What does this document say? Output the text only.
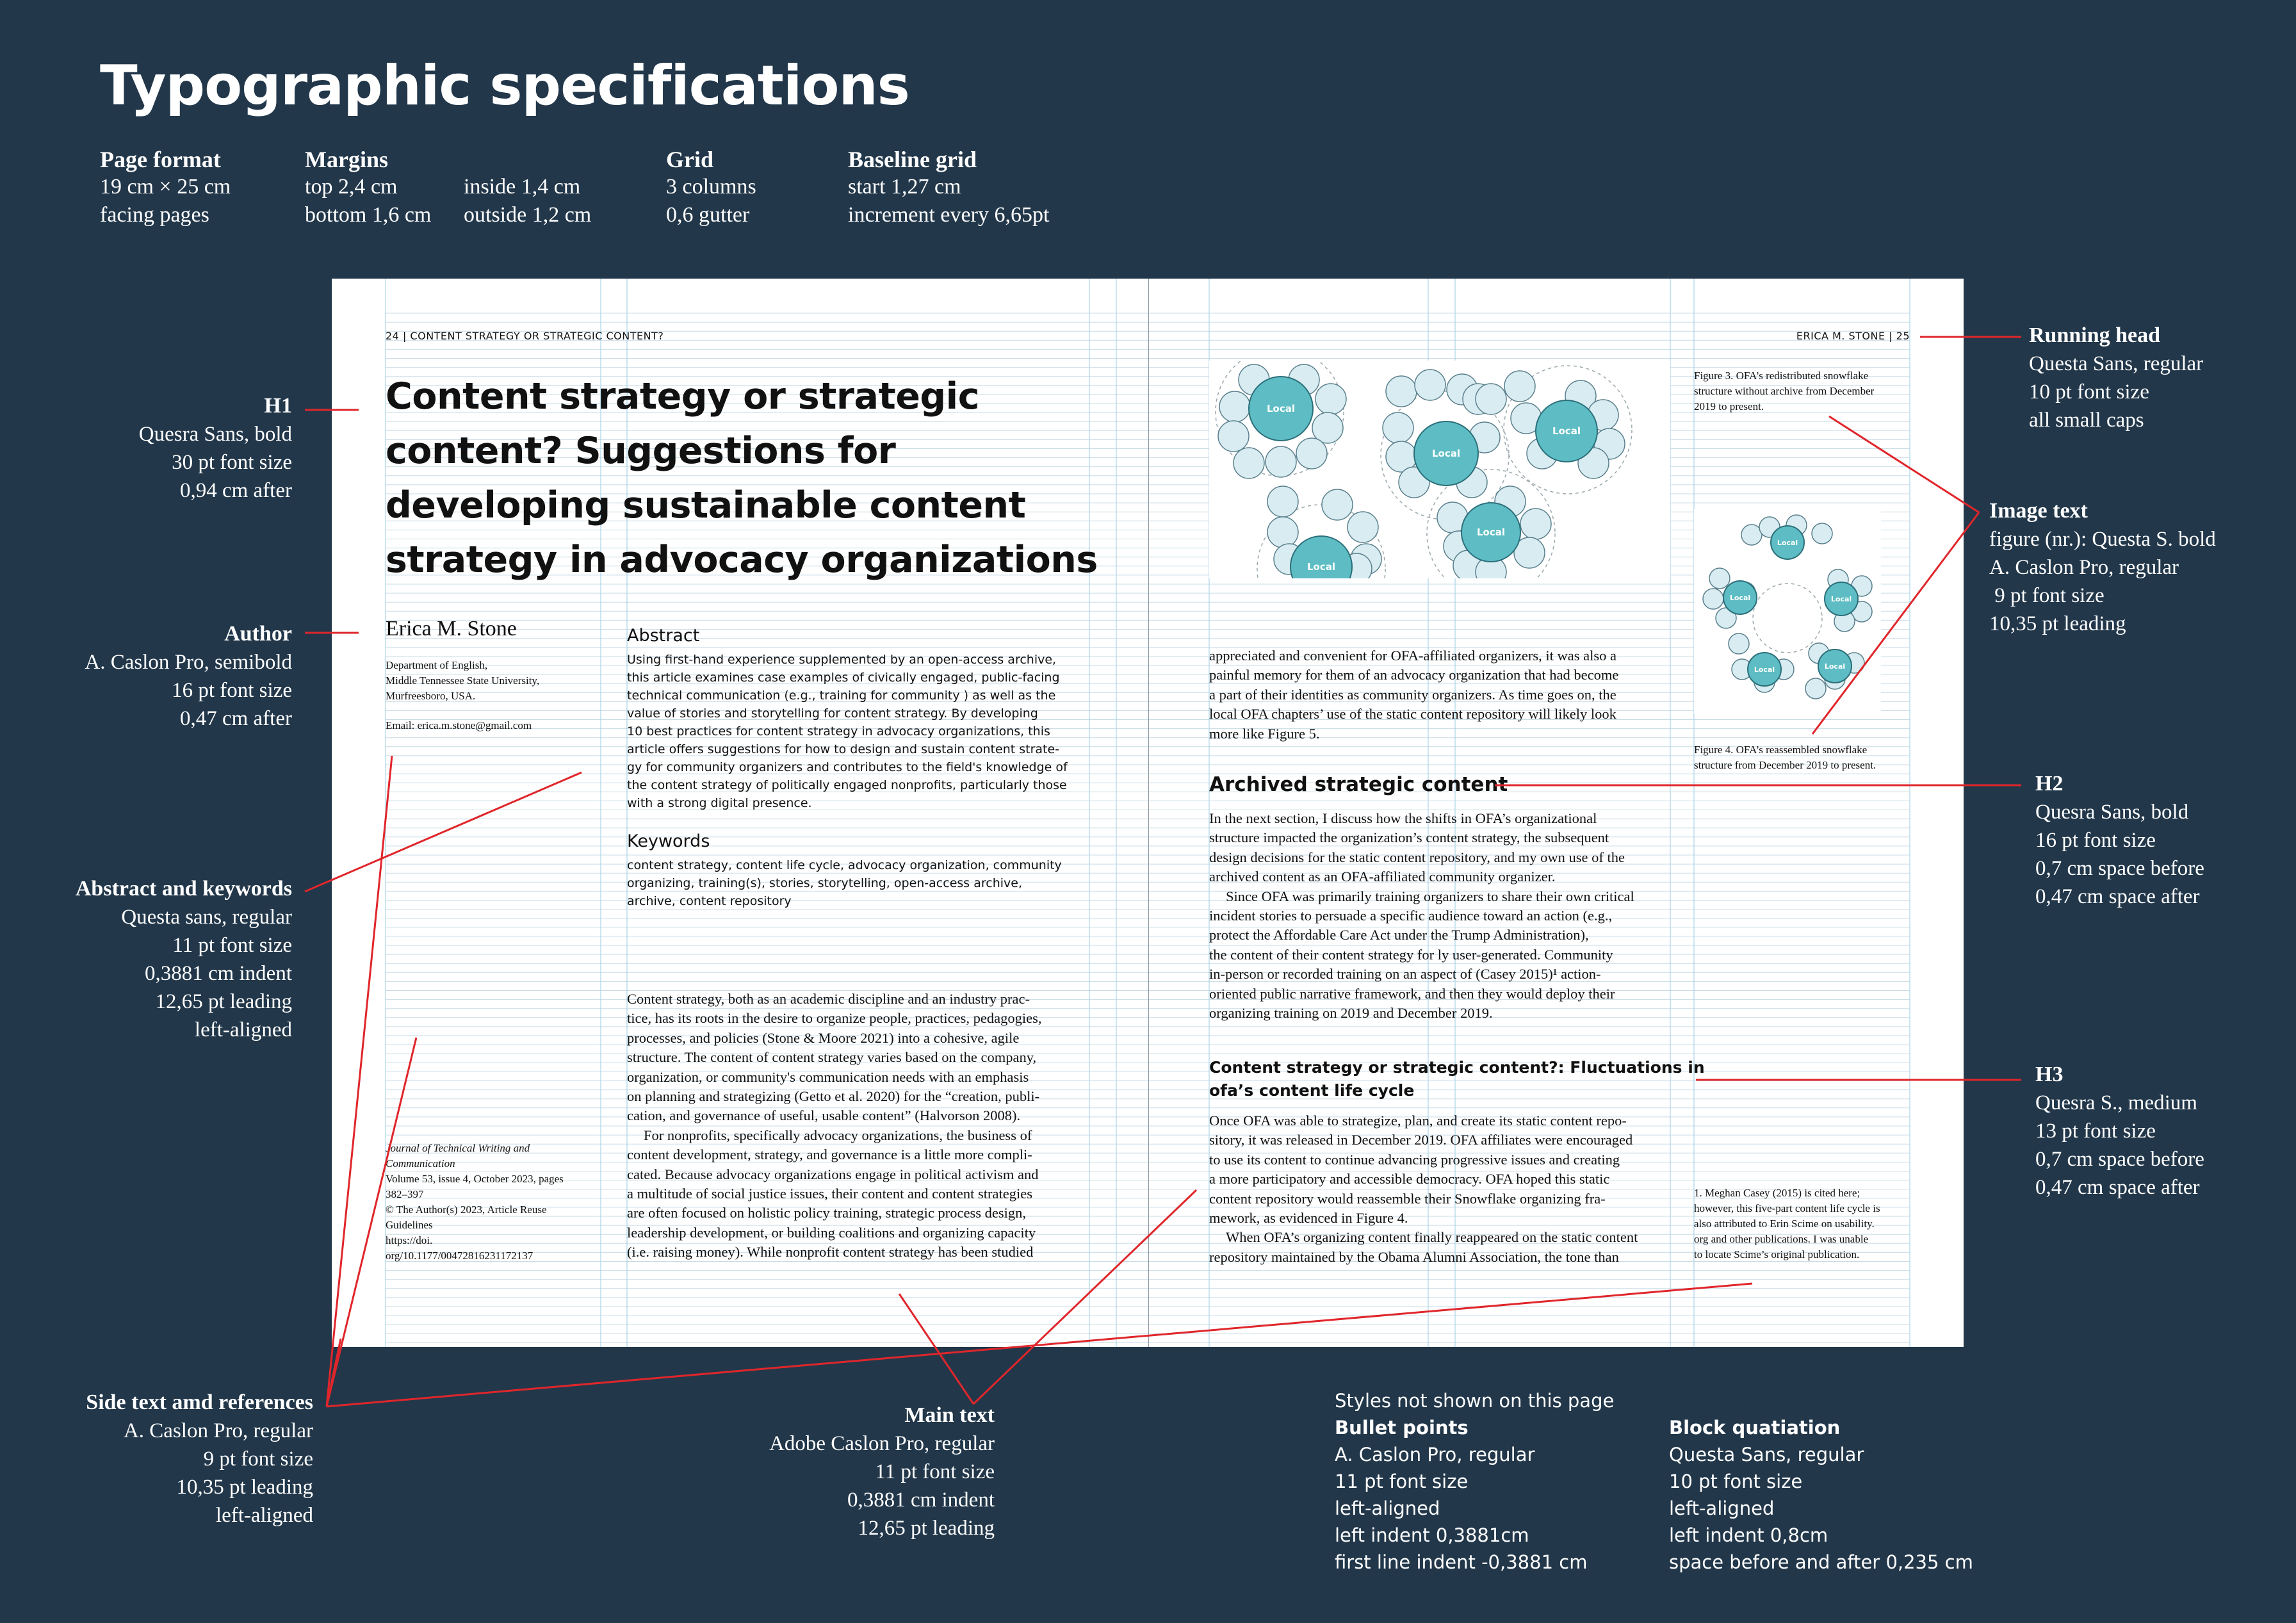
Typographic specifications
Page format
19 cm × 25 cm
facing pages
Margins
top 2,4 cm	inside 1,4 cm
bottom 1,6 cm outside 1,2 cm
Grid
3 columns
0,6 gutter
Baseline grid
start 1,27 cm
increment every 6,65pt
H1
Quesra Sans, bold
30 pt font size
0,94 cm after
Author
A. Caslon Pro, semibold
16 pt font size
0,47 cm after
Abstract and keywords
Questa sans, regular
11 pt font size
0,3881 cm indent
12,65 pt leading
left-aligned
Side text amd references
A. Caslon Pro, regular
9 pt font size
10,35 pt leading
left-aligned
Main text
Adobe Caslon Pro, regular
11 pt font size
0,3881 cm indent
12,65 pt leading
Running head
Questa Sans, regular
10 pt font size
all small caps
Image text
figure (nr.): Questa S. bold
A. Caslon Pro, regular
9 pt font size
10,35 pt leading
H2
Quesra Sans, bold
16 pt font size
0,7 cm space before
0,47 cm space after
H3
Quesra S., medium
13 pt font size
0,7 cm space before
0,47 cm space after
Styles not shown on this page
Bullet points
A. Caslon Pro, regular
11 pt font size
left-aligned
left indent 0,3881cm
first line indent -0,3881 cm
Block quatiation
Questa Sans, regular
10 pt font size
left-aligned
left indent 0,8cm
space before and after 0,235 cm
24 | CONTENT STRATEGY OR STRATEGIC CONTENT?
Content strategy or strategic
content? Suggestions for
developing sustainable content
strategy in advocacy organizations
Erica M. Stone
Department of English,
Middle Tennessee State University,
Murfreesboro, USA.
Email: erica.m.stone@gmail.com
Abstract
Using first-hand experience supplemented by an open-access archive,
this article examines case examples of civically engaged, public-facing
technical communication (e.g., training for community ) as well as the
value of stories and storytelling for content strategy. By developing
10 best practices for content strategy in advocacy organizations, this
article offers suggestions for how to design and sustain content strate-
gy for community organizers and contributes to the field's knowledge of
the content strategy of politically engaged nonprofits, particularly those
with a strong digital presence.
Keywords
content strategy, content life cycle, advocacy organization, community
organizing, training(s), stories, storytelling, open-access archive,
archive, content repository
Journal of Technical Writing and
Communication
Volume 53, issue 4, October 2023, pages
382–397
© The Author(s) 2023, Article Reuse
Guidelines
https://doi.
org/10.1177/00472816231172137
Content strategy, both as an academic discipline and an industry prac-
tice, has its roots in the desire to organize people, practices, pedagogies,
processes, and policies (Stone & Moore 2021) into a cohesive, agile
structure. The content of content strategy varies based on the company,
organization, or community's communication needs with an emphasis
on planning and strategizing (Getto et al. 2020) for the “creation, publi-
cation, and governance of useful, usable content” (Halvorson 2008).
For nonprofits, specifically advocacy organizations, the business of
content development, strategy, and governance is a little more compli-
cated. Because advocacy organizations engage in political activism and
a multitude of social justice issues, their content and content strategies
are often focused on holistic policy training, strategic process design,
leadership development, or building coalitions and organizing capacity
(i.e. raising money). While nonprofit content strategy has been studied
ERICA M. STONE | 25
Local
Local
Local
Local
Local
OFA
Archive
Local
Local	Local
Local	Local
Figure 3. OFA’s redistributed snowflake
structure without archive from December
2019 to present.
Figure 4. OFA’s reassembled snowflake
structure from December 2019 to present.
appreciated and convenient for OFA-affiliated organizers, it was also a
painful memory for them of an advocacy organization that had become
a part of their identities as community organizers. As time goes on, the
local OFA chapters’ use of the static content repository will likely look
more like Figure 5.
Archived strategic content
In the next section, I discuss how the shifts in OFA’s organizational
structure impacted the organization’s content strategy, the subsequent
design decisions for the static content repository, and my own use of the
archived content as an OFA-affiliated community organizer.
Since OFA was primarily training organizers to share their own critical
incident stories to persuade a specific audience toward an action (e.g.,
protect the Affordable Care Act under the Trump Administration),
the content of their content strategy for ly user-generated. Community
in-person or recorded training on an aspect of (Casey 2015)¹ action-
oriented public narrative framework, and then they would deploy their
organizing training on 2019 and December 2019.
Content strategy or strategic content?: Fluctuations in
ofa’s content life cycle
Once OFA was able to strategize, plan, and create its static content repo-
sitory, it was released in December 2019. OFA affiliates were encouraged
to use its content to continue advancing progressive issues and creating
a more participatory and accessible democracy. OFA hoped this static
content repository would reassemble their Snowflake organizing fra-
mework, as evidenced in Figure 4.
When OFA’s organizing content finally reappeared on the static content
repository maintained by the Obama Alumni Association, the tone than
1. Meghan Casey (2015) is cited here;
however, this five-part content life cycle is
also attributed to Erin Scime on usability.
org and other publications. I was unable
to locate Scime’s original publication.
